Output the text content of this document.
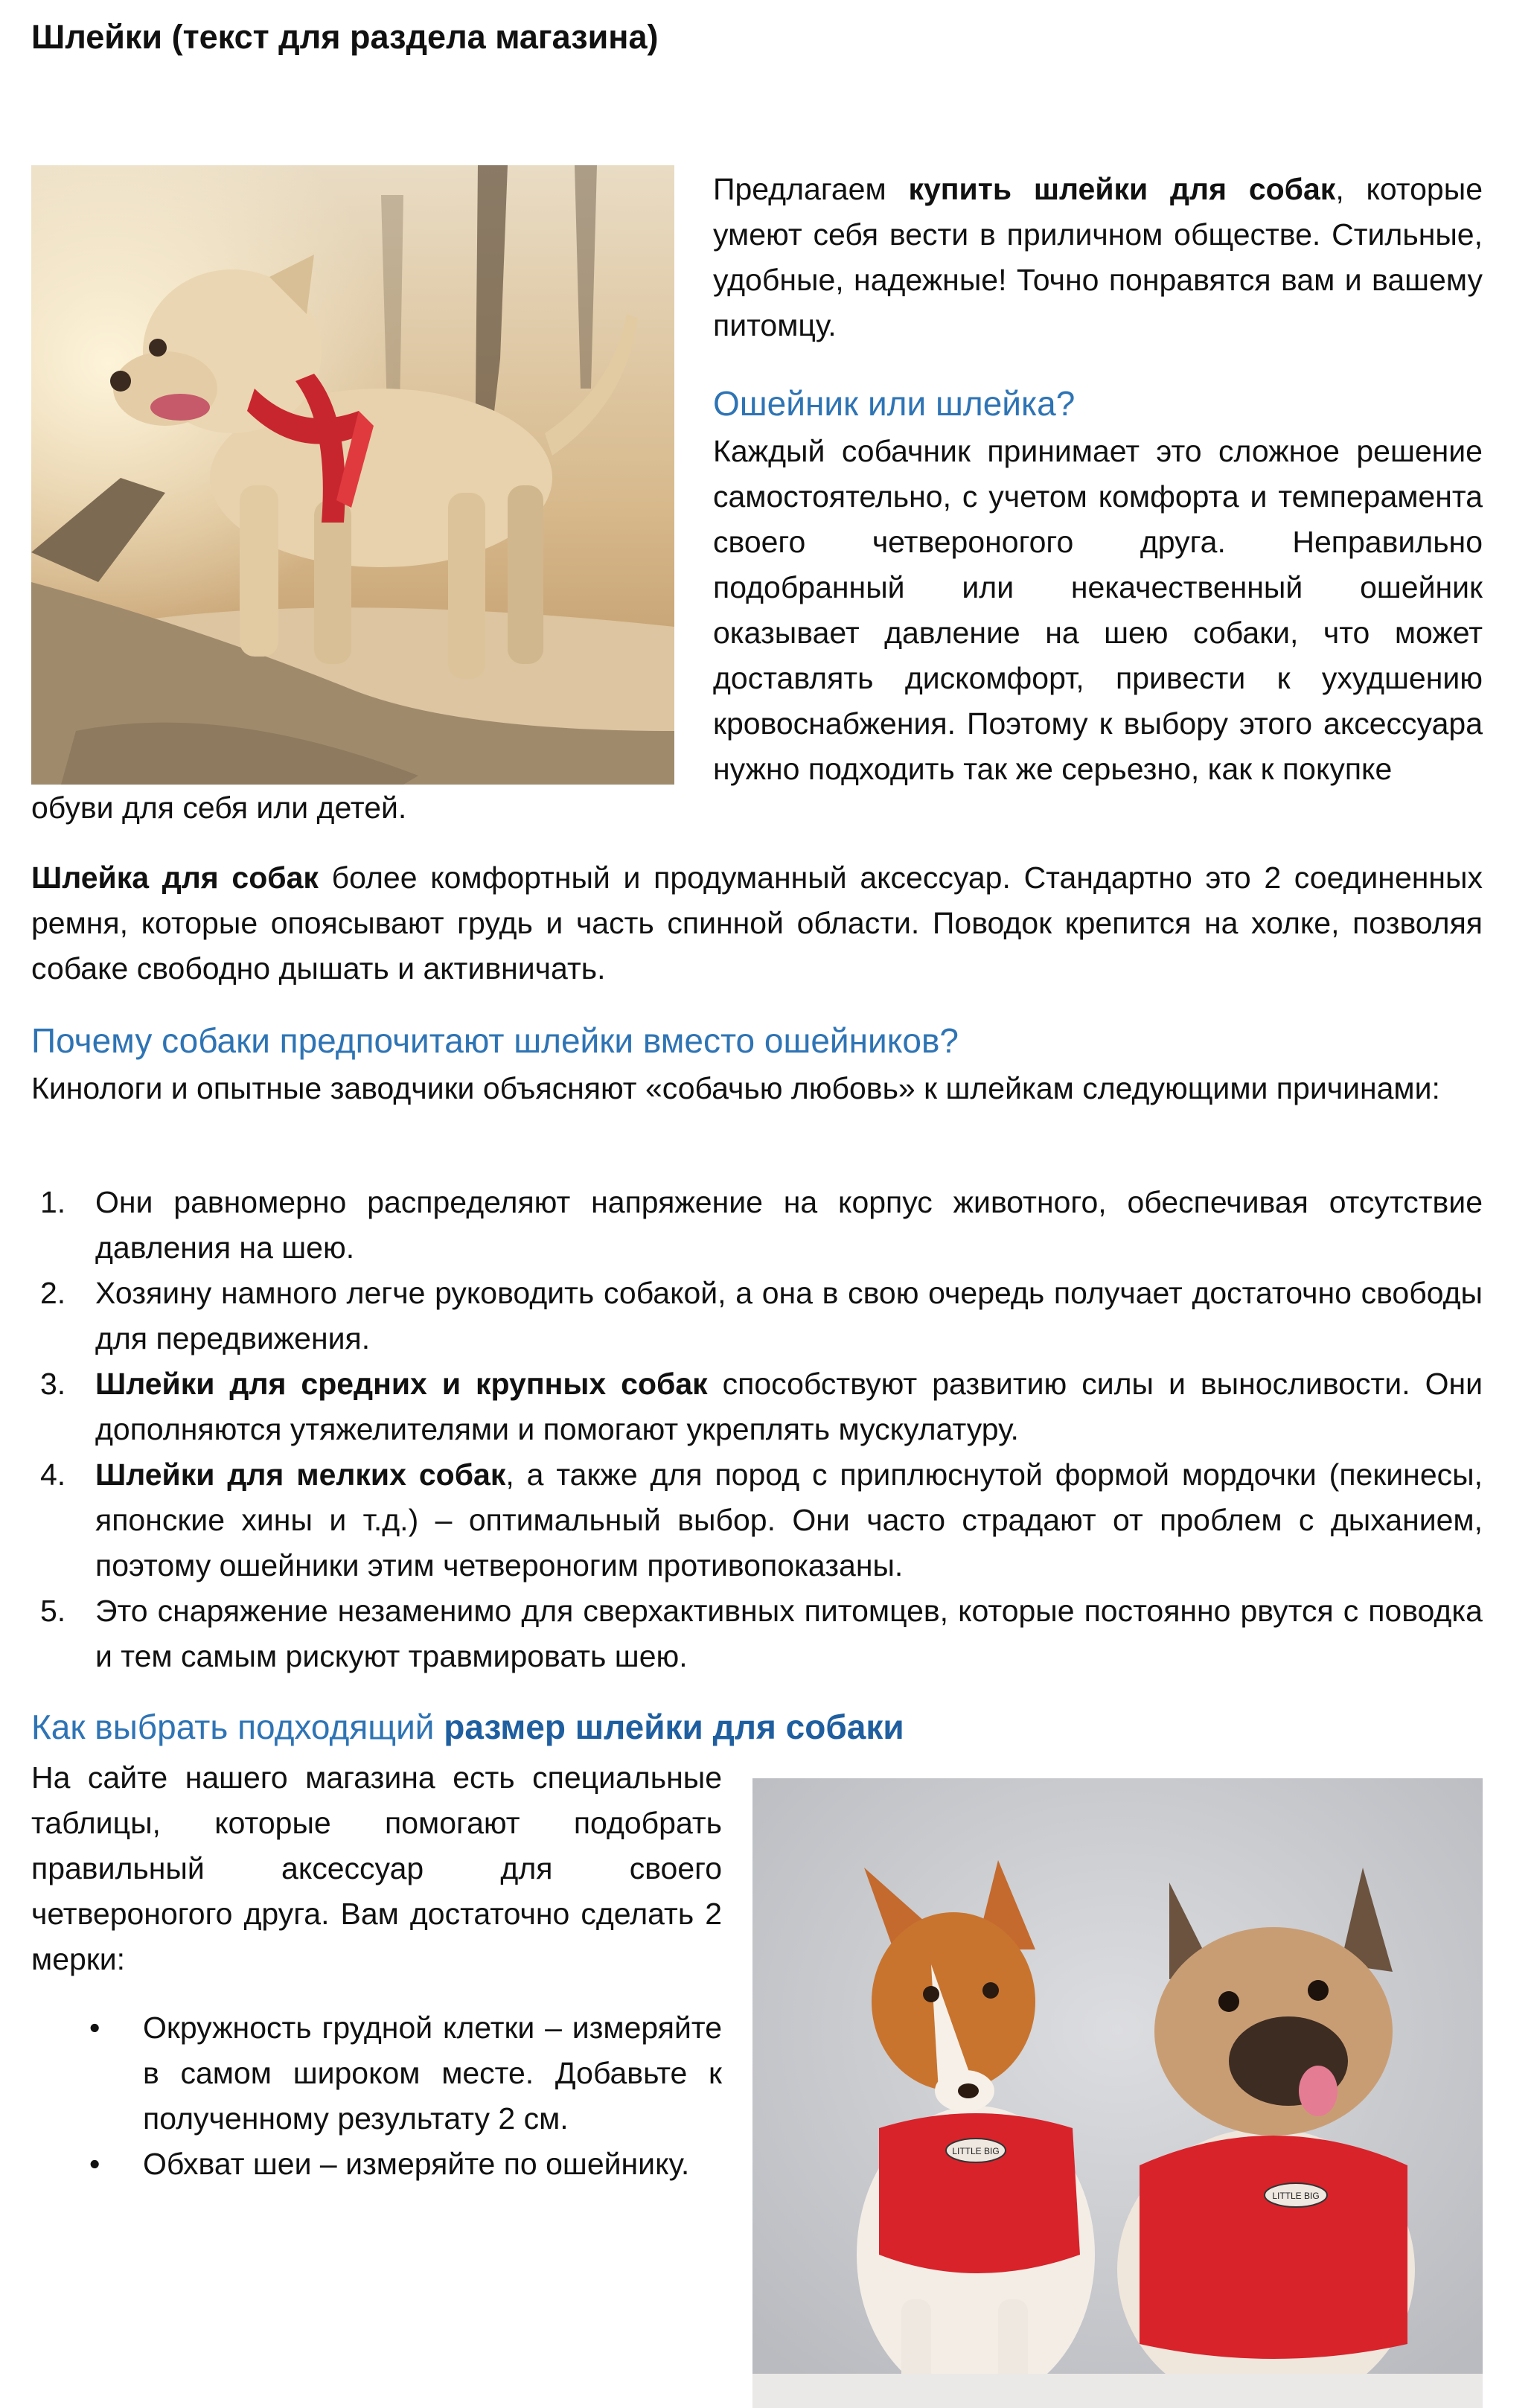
Шлейки (текст для раздела магазина)

Предлагаем купить шлейки для собак, которые умеют себя вести в приличном обществе. Стильные, удобные, надежные! Точно понравятся вам и вашему питомцу.

Ошейник или шлейка?

Каждый собачник принимает это сложное решение самостоятельно, с учетом комфорта и темперамента своего четвероногого друга. Неправильно подобранный или некачественный ошейник оказывает давление на шею собаки, что может доставлять дискомфорт, привести к ухудшению кровоснабжения. Поэтому к выбору этого аксессуара нужно подходить так же серьезно, как к покупке

обуви для себя или детей.

Шлейка для собак более комфортный и продуманный аксессуар. Стандартно это 2 соединенных ремня, которые опоясывают грудь и часть спинной области. Поводок крепится на холке, позволяя собаке свободно дышать и активничать.

Почему собаки предпочитают шлейки вместо ошейников?

Кинологи и опытные заводчики объясняют «собачью любовь» к шлейкам следующими причинами:

1. Они равномерно распределяют напряжение на корпус животного, обеспечивая отсутствие давления на шею.
2. Хозяину намного легче руководить собакой, а она в свою очередь получает достаточно свободы для передвижения.
3. Шлейки для средних и крупных собак способствуют развитию силы и выносливости. Они дополняются утяжелителями и помогают укреплять мускулатуру.
4. Шлейки для мелких собак, а также для пород с приплюснутой формой мордочки (пекинесы, японские хины и т.д.) – оптимальный выбор. Они часто страдают от проблем с дыханием, поэтому ошейники этим четвероногим противопоказаны.
5. Это снаряжение незаменимо для сверхактивных питомцев, которые постоянно рвутся с поводка и тем самым рискуют травмировать шею.
Как выбрать подходящий размер шлейки для собаки

На сайте нашего магазина есть специальные таблицы, которые помогают подобрать правильный аксессуар для своего четвероногого друга. Вам достаточно сделать 2 мерки:

• Окружность грудной клетки – измеряйте в самом широком месте. Добавьте к полученному результату 2 см.
• Обхват шеи – измеряйте по ошейнику.	LITTLE BIG
LITTLE BIG
